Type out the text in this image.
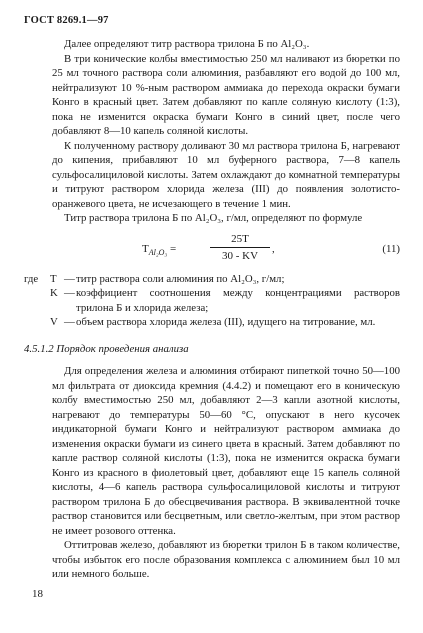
ГОСТ 8269.1—97

Далее определяют титр раствора трилона Б по Al₂O₃.

В три конические колбы вместимостью 250 мл наливают из бюретки по 25 мл точного раствора соли алюминия, разбавляют его водой до 100 мл, нейтрализуют 10 %-ным раствором аммиака до перехода окраски бумаги Конго в красный цвет. Затем добавляют по капле соляную кислоту (1:3), пока не изменится окраска бумаги Конго в синий цвет, после чего добавляют 8—10 капель соляной кислоты.

К полученному раствору доливают 30 мл раствора трилона Б, нагревают до кипения, прибавляют 10 мл буферного раствора, 7—8 капель сульфосалициловой кислоты. Затем охлаждают до комнатной температуры и титруют раствором хлорида железа (III) до появления золотисто-оранжевого цвета, не исчезающего в течение 1 мин.

Титр раствора трилона Б по Al₂O₃, г/мл, определяют по формуле

$T_{Al_2O_3}$ =	$\frac{25T}{30 - KV}$ ,	(11)
где	T — титр раствора соли алюминия по Al₂O₃, г/мл;
K — коэффициент соотношения между концентрациями растворов трилона Б и хлорида железа;
V — объем раствора хлорида железа (III), идущего на титрование, мл.
4.5.1.2 Порядок проведения анализа

Для определения железа и алюминия отбирают пипеткой точно 50—100 мл фильтрата от диоксида кремния (4.4.2) и помещают его в коническую колбу вместимостью 250 мл, добавляют 2—3 капли азотной кислоты, нагревают до температуры 50—60 °С, опускают в него кусочек индикаторной бумаги Конго и нейтрализуют раствором аммиака до изменения окраски бумаги из синего цвета в красный. Затем добавляют по капле раствор соляной кислоты (1:3), пока не изменится окраска бумаги Конго из красного в фиолетовый цвет, добавляют еще 15 капель соляной кислоты, 4—6 капель раствора сульфосалициловой кислоты и титруют раствором трилона Б до обесцвечивания раствора. В эквивалентной точке раствор становится или бесцветным, или светло-желтым, при этом раствор не имеет розового оттенка.

Оттитровав железо, добавляют из бюретки трилон Б в таком количестве, чтобы избыток его после образования комплекса с алюминием был 10 мл или немного больше.

18
